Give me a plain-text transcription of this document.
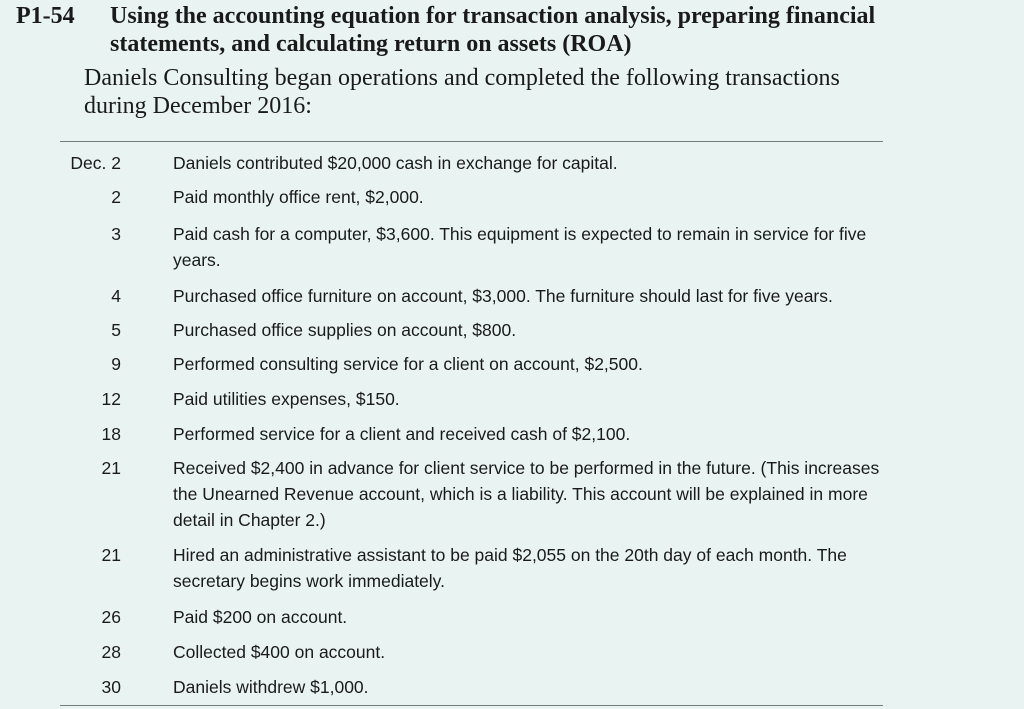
P1-54 Using the accounting equation for transaction analysis, preparing financial statements, and calculating return on assets (ROA)
Daniels Consulting began operations and completed the following transactions during December 2016:
Dec. 2	Daniels contributed $20,000 cash in exchange for capital.
2	Paid monthly office rent, $2,000.
3	Paid cash for a computer, $3,600. This equipment is expected to remain in service for five years.
4	Purchased office furniture on account, $3,000. The furniture should last for five years.
5	Purchased office supplies on account, $800.
9	Performed consulting service for a client on account, $2,500.
12	Paid utilities expenses, $150.
18	Performed service for a client and received cash of $2,100.
21	Received $2,400 in advance for client service to be performed in the future. (This increases the Unearned Revenue account, which is a liability. This account will be explained in more detail in Chapter 2.)
21	Hired an administrative assistant to be paid $2,055 on the 20th day of each month. The secretary begins work immediately.
26	Paid $200 on account.
28	Collected $400 on account.
30	Daniels withdrew $1,000.
